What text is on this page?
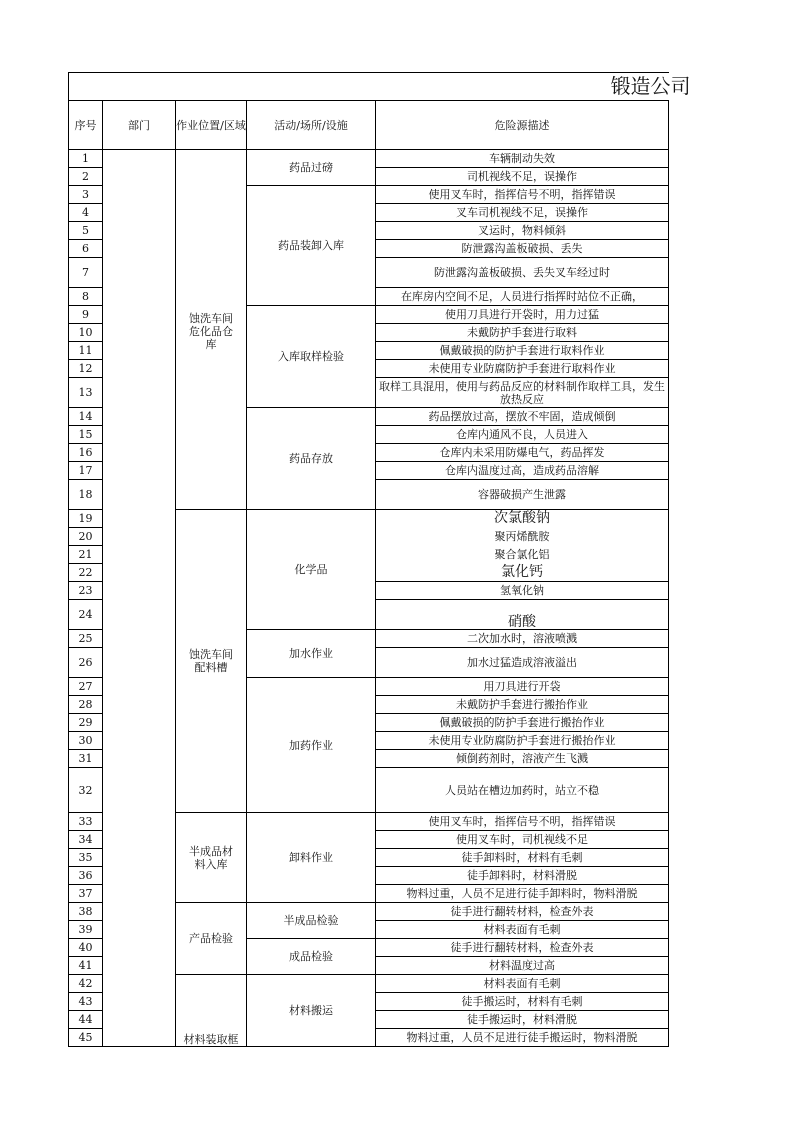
锻造公司				
序号	部门	作业位置/区域	活动/场所/设施	危险源描述
1		蚀洗车间危化品仓库	药品过磅	车辆制动失效
2				司机视线不足，误操作
3			药品装卸入库	使用叉车时，指挥信号不明，指挥错误
4				叉车司机视线不足，误操作
5				叉运时，物料倾斜
6				防泄露沟盖板破损、丢失
7				防泄露沟盖板破损、丢失叉车经过时
8				在库房内空间不足，人员进行指挥时站位不正确，
9			入库取样检验	使用刀具进行开袋时，用力过猛
10				未戴防护手套进行取料
11				佩戴破损的防护手套进行取料作业
12				未使用专业防腐防护手套进行取料作业
13				取样工具混用，使用与药品反应的材料制作取样工具，发生放热反应
14			药品存放	药品摆放过高，摆放不牢固，造成倾倒
15				仓库内通风不良，人员进入
16				仓库内未采用防爆电气，药品挥发
17				仓库内温度过高，造成药品溶解
18				容器破损产生泄露
19		蚀洗车间配料槽	化学品	次氯酸钠
20				聚丙烯酰胺
21				聚合氯化铝
22				氯化钙
23				氢氧化钠
24				硝酸
25			加水作业	二次加水时，溶液喷溅
26				加水过猛造成溶液溢出
27			加药作业	用刀具进行开袋
28				未戴防护手套进行搬抬作业
29				佩戴破损的防护手套进行搬抬作业
30				未使用专业防腐防护手套进行搬抬作业
31				倾倒药剂时，溶液产生飞溅
32				人员站在槽边加药时，站立不稳
33		半成品材料入库	卸料作业	使用叉车时，指挥信号不明，指挥错误
34				使用叉车时，司机视线不足
35				徒手卸料时，材料有毛刺
36				徒手卸料时，材料滑脱
37				物料过重，人员不足进行徒手卸料时，物料滑脱
38		产品检验	半成品检验	徒手进行翻转材料，检查外表
39				材料表面有毛刺
40			成品检验	徒手进行翻转材料，检查外表
41				材料温度过高
42		材料装取框	材料搬运	材料表面有毛刺
43				徒手搬运时，材料有毛刺
44				徒手搬运时，材料滑脱
45				物料过重，人员不足进行徒手搬运时，物料滑脱
